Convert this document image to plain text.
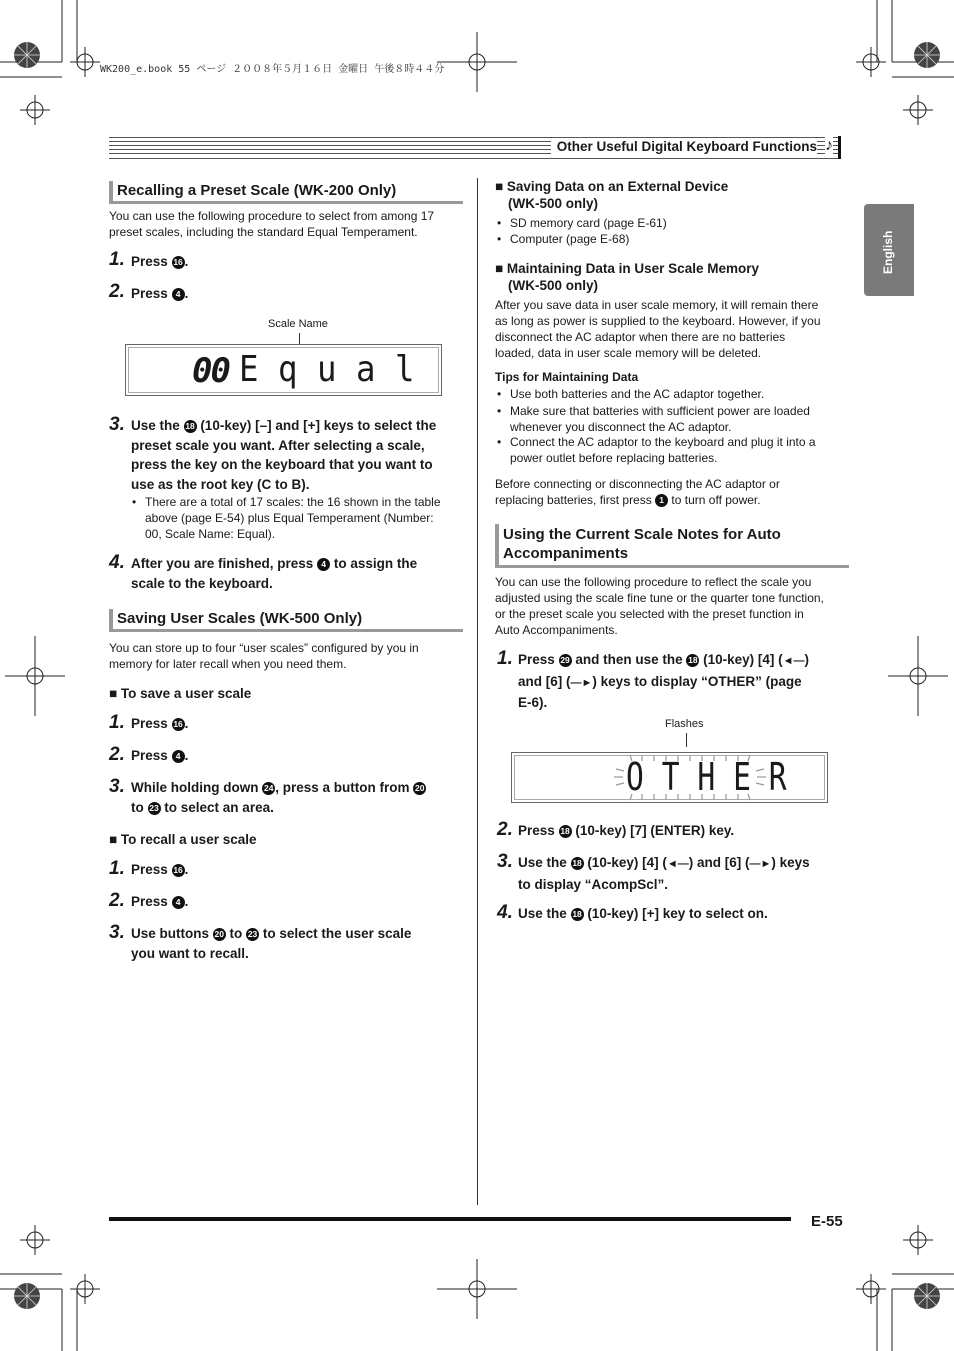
WK200_e.book 55 ページ ２００８年５月１６日 金曜日 午後８時４４分
Other Useful Digital Keyboard Functions ♪
English
Recalling a Preset Scale (WK-200 Only)
You can use the following procedure to select from among 17
preset scales, including the standard Equal Temperament.
1. Press 16 .
2. Press 4 .
Scale Name
00 E q u a l
3. Use the 18 (10-key) [–] and [+] keys to select the
preset scale you want. After selecting a scale,
press the key on the keyboard that you want to
use as the root key (C to B).
• There are a total of 17 scales: the 16 shown in the table
above (page E-54) plus Equal Temperament (Number:
00, Scale Name: Equal).
4. After you are finished, press 4 to assign the
scale to the keyboard.
Saving User Scales (WK-500 Only)
You can store up to four “user scales” configured by you in
memory for later recall when you need them.
■ To save a user scale
1. Press 16 .
2. Press 4 .
3. While holding down 24 , press a button from 20
to 23 to select an area.
■ To recall a user scale
1. Press 16 .
2. Press 4 .
3. Use buttons 20 to 23 to select the user scale
you want to recall.
■ Saving Data on an External Device
(WK-500 only)
• SD memory card (page E-61)
• Computer (page E-68)
■ Maintaining Data in User Scale Memory
(WK-500 only)
After you save data in user scale memory, it will remain there
as long as power is supplied to the keyboard. However, if you
disconnect the AC adaptor when there are no batteries
loaded, data in user scale memory will be deleted.
Tips for Maintaining Data
• Use both batteries and the AC adaptor together.
• Make sure that batteries with sufficient power are loaded
whenever you disconnect the AC adaptor.
• Connect the AC adaptor to the keyboard and plug it into a
power outlet before replacing batteries.
Before connecting or disconnecting the AC adaptor or
replacing batteries, first press 1 to turn off power.
Using the Current Scale Notes for Auto
Accompaniments
You can use the following procedure to reflect the scale you
adjusted using the scale fine tune or the quarter tone function,
or the preset scale you selected with the preset function in
Auto Accompaniments.
1. Press 29 and then use the 18 (10-key) [4] (◄—)
and [6] (—►) keys to display “OTHER” (page
E-6).
Flashes
O T H E R
2. Press 18 (10-key) [7] (ENTER) key.
3. Use the 18 (10-key) [4] (◄—) and [6] (—►) keys
to display “AcompScl”.
4. Use the 18 (10-key) [+] key to select on.
E-55
